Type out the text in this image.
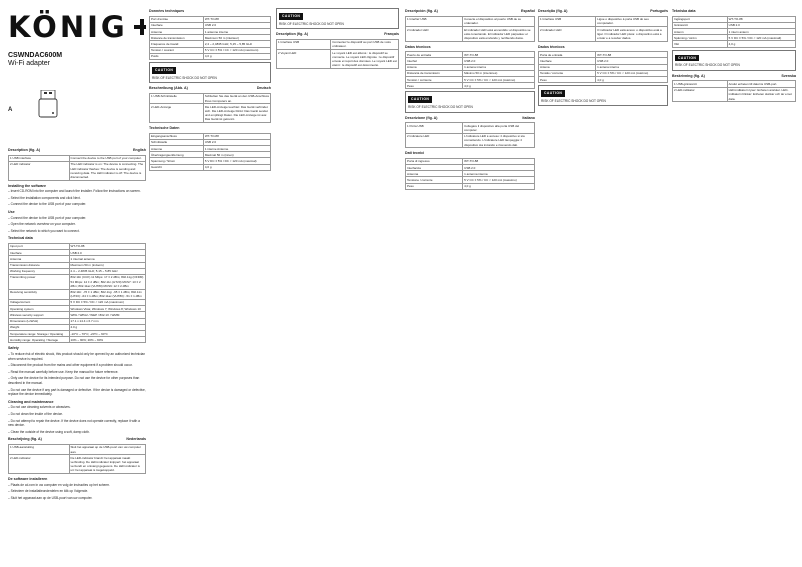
KÖNIG
CSWNDAC600M
Wi-Fi adapter
A
Description (fig. A)	English
1 USB interface	Connect the device to the USB port of your computer.
2 LED indicator	The LED indicator is on: The device is connecting. The LED indicator flashes: The device is sending and receiving data. The LED indicator is off: The device is disconnected.
Installing the software

– Insert CD-ROM into the computer and launch the installer. Follow the instructions on screen.

– Select the installation components and click Next.

– Connect the device to the USB port of your computer.

Use

– Connect the device to the USB port of your computer.

– Open the network overview on your computer.

– Select the network to which you want to connect.

Technical data
Input port	WT-TO-88
Interface	USB 2.0
Antenna	1 internal antenna
Transmission distance	Maximum 50 m (indoors)
Working frequency	2.4 ~ 2.4835 GHz; 5.15 ~ 5.85 GHz
Transmitting power	802.11b (CCK) 11 Mbps: 17 ± 2 dBm; 802.11g (OFDM) 54 Mbps: 14 ± 2 dBm; 802.11n (HT20) MCS7: 13 ± 2 dBm; 802.11ac (VHT80) MCS9: 12 ± 2 dBm
Receiving sensitivity	802.11b: -76 ± 1 dBm; 802.11g: -65 ± 1 dBm; 802.11n (HT20): -64 ± 1 dBm; 802.11ac (VHT80): -51 ± 1 dBm
Voltage/current	5 V DC ± 5% / DC < 120 mA (maximum)
Operating system	Windows Vista; Windows 7; Windows 8; Windows 10
Wireless security support	WPA / WPA2 / WEP / 802.1X / WMM
Dimensions (LxWxH)	17.1 x 14.4 x 6.7 mm
Weight	4.0 g
Temperature range: Storage / Operating	-10°C ~ 70°C; -20°C ~ 60°C
Humidity range: Operating / Storage	10% ~ 90%; 20% ~ 90%
Safety

– To reduce risk of electric shock, this product should only be opened by an authorized technician when service is required.

– Disconnect the product from the mains and other equipment if a problem should occur.

– Read the manual carefully before use. Keep the manual for future reference.

– Only use the device for its intended purpose. Do not use the device for other purposes than described in the manual.

– Do not use the device if any part is damaged or defective. If the device is damaged or defective, replace the device immediately.

Cleaning and maintenance

– Do not use cleaning solvents or abrasives.

– Do not clean the inside of the device.

– Do not attempt to repair the device. If the device does not operate correctly, replace it with a new device.

– Clean the outside of the device using a soft, damp cloth.

Beschrijving (fig. A)	Nederlands
1 USB-aansluiting	Sluit het apparaat op de USB-poort van uw computer aan.
2 LED-indicator	De LED-indicator brandt: het apparaat maakt verbinding. De LED-indicator knippert: het apparaat verzendt en ontvangt gegevens. De LED-indicator is uit: het apparaat is losgekoppeld.
De software installeren

– Plaats de cd-rom in uw computer en volg de instructies op het scherm.

– Selecteer de installatieonderdelen en klik op Volgende.

– Sluit het apparaat aan op de USB-poort van uw computer.

Données techniques
Port d'entrée	WT-TO-88
Interface	USB 2.0
Antenne	1 antenne interne
Distance de transmission	Maximum 50 m (intérieur)
Fréquence de travail	2,4 ~ 2,4835 GHz; 5,15 ~ 5,85 GHz
Tension / courant	5 V CC ± 5% / CC < 120 mA (maximum)
Poids	4,0 g
CAUTION
RISK OF ELECTRIC SHOCK DO NOT OPEN
Beschreibung (Abb. A)	Deutsch
1 USB-Schnittstelle	Schließen Sie das Gerät an den USB-Anschluss Ihres Computers an.
2 LED-Anzeige	Die LED-Anzeige leuchtet: Das Gerät verbindet sich. Die LED-Anzeige blinkt: Das Gerät sendet und empfängt Daten. Die LED-Anzeige ist aus: Das Gerät ist getrennt.
Technische Daten
Eingangsanschluss	WT-TO-88
Schnittstelle	USB 2.0
Antenne	1 interne Antenne
Übertragungsentfernung	Maximal 50 m (innen)
Spannung / Strom	5 V DC ± 5% / DC < 120 mA (maximal)
Gewicht	4,0 g
CAUTION
RISK OF ELECTRIC SHOCK DO NOT OPEN
Description (fig. A)	Français
1 Interface USB	Connectez le dispositif au port USB de votre ordinateur.
2 Voyant LED	Le voyant LED est allumé : le dispositif se connecte. Le voyant LED clignote : le dispositif envoie et reçoit des données. Le voyant LED est éteint : le dispositif est déconnecté.
Descripción (fig. A)	Español
1 Interfaz USB	Conecte el dispositivo al puerto USB de su ordenador.
2 Indicador LED	El indicador LED está encendido: el dispositivo se está conectando. El indicador LED parpadea: el dispositivo está enviando y recibiendo datos.
Datos técnicos
Puerto de entrada	WT-TO-88
Interfaz	USB 2.0
Antena	1 antena interna
Distancia de transmisión	Máximo 50 m (interiores)
Tensión / corriente	5 V CC ± 5% / CC < 120 mA (máximo)
Peso	4,0 g
CAUTION
RISK OF ELECTRIC SHOCK DO NOT OPEN
Descrizione (fig. A)	Italiano
1 Porta USB	Collegare il dispositivo alla porta USB del computer.
2 Indicatore LED	L'indicatore LED è acceso: il dispositivo si sta connettendo. L'indicatore LED lampeggia: il dispositivo sta inviando e ricevendo dati.
Dati tecnici
Porta di ingresso	WT-TO-88
Interfaccia	USB 2.0
Antenna	1 antenna interna
Tensione / corrente	5 V CC ± 5% / CC < 120 mA (massimo)
Peso	4,0 g
Descrição (fig. A)	Português
1 Interface USB	Ligue o dispositivo à porta USB do seu computador.
2 Indicador LED	O indicador LED está aceso: o dispositivo está a ligar. O indicador LED pisca: o dispositivo está a enviar e a receber dados.
Dados técnicos
Porta de entrada	WT-TO-88
Interface	USB 2.0
Antena	1 antena interna
Tensão / corrente	5 V CC ± 5% / CC < 120 mA (máximo)
Peso	4,0 g
CAUTION
RISK OF ELECTRIC SHOCK DO NOT OPEN
Tekniska data
Ingångsport	WT-TO-88
Gränssnitt	USB 2.0
Antenn	1 intern antenn
Spänning / ström	5 V DC ± 5% / DC < 120 mA (maximalt)
Vikt	4,0 g
CAUTION
RISK OF ELECTRIC SHOCK DO NOT OPEN
Beskrivning (fig. A)	Svenska
1 USB-gränssnitt	Anslut enheten till datorns USB-port.
2 LED-indikator	LED-indikatorn lyser: Enheten ansluter. LED-indikatorn blinkar: Enheten skickar och tar emot data.
